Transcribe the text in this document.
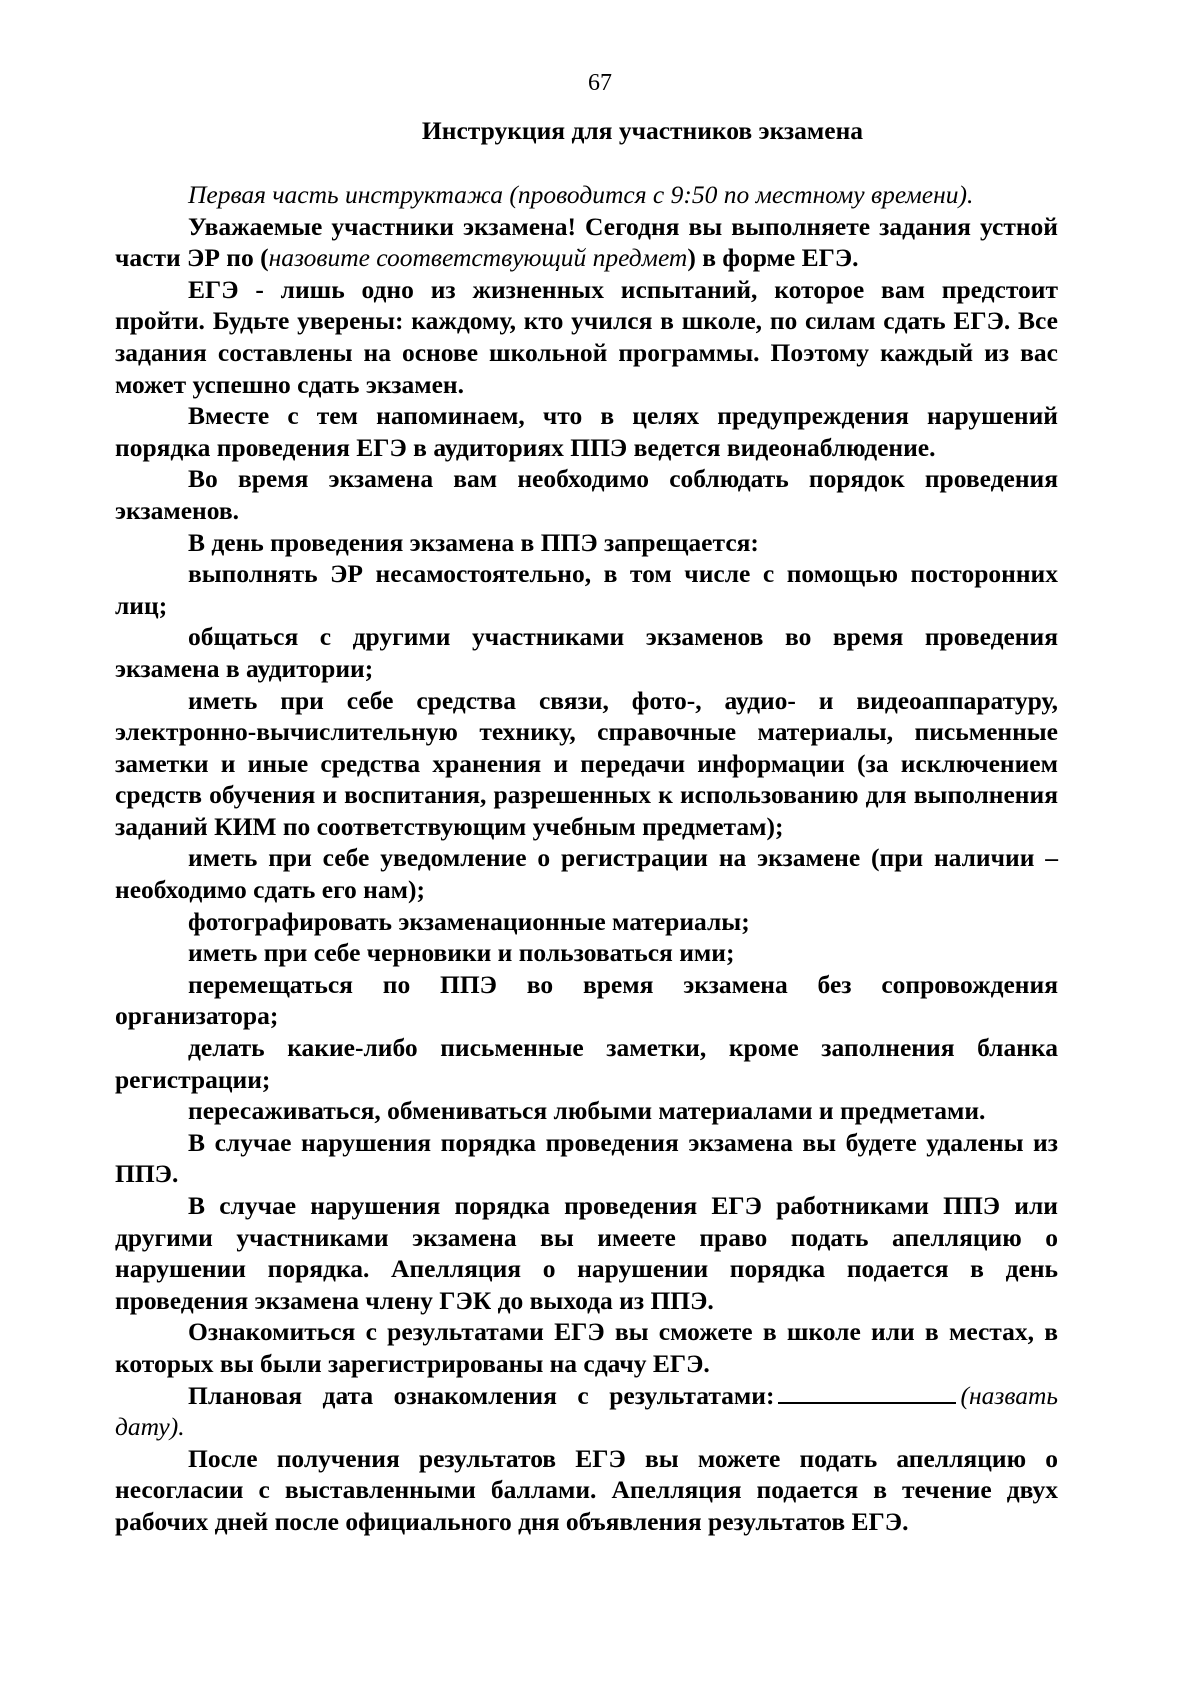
67
Инструкция для участников экзамена

Первая часть инструктажа (проводится с 9:50 по местному времени).

Уважаемые участники экзамена! Сегодня вы выполняете задания устной части ЭР по (назовите соответствующий предмет) в форме ЕГЭ.

ЕГЭ - лишь одно из жизненных испытаний, которое вам предстоит пройти. Будьте уверены: каждому, кто учился в школе, по силам сдать ЕГЭ. Все задания составлены на основе школьной программы. Поэтому каждый из вас может успешно сдать экзамен.

Вместе с тем напоминаем, что в целях предупреждения нарушений порядка проведения ЕГЭ в аудиториях ППЭ ведется видеонаблюдение.

Во время экзамена вам необходимо соблюдать порядок проведения экзаменов.

В день проведения экзамена в ППЭ запрещается:

выполнять ЭР несамостоятельно, в том числе с помощью посторонних лиц;

общаться с другими участниками экзаменов во время проведения экзамена в аудитории;

иметь при себе средства связи, фото-, аудио- и видеоаппаратуру, электронно-вычислительную технику, справочные материалы, письменные заметки и иные средства хранения и передачи информации (за исключением средств обучения и воспитания, разрешенных к использованию для выполнения заданий КИМ по соответствующим учебным предметам);

иметь при себе уведомление о регистрации на экзамене (при наличии – необходимо сдать его нам);

фотографировать экзаменационные материалы;

иметь при себе черновики и пользоваться ими;

перемещаться по ППЭ во время экзамена без сопровождения организатора;

делать какие-либо письменные заметки, кроме заполнения бланка регистрации;

пересаживаться, обмениваться любыми материалами и предметами.

В случае нарушения порядка проведения экзамена вы будете удалены из ППЭ.

В случае нарушения порядка проведения ЕГЭ работниками ППЭ или другими участниками экзамена вы имеете право подать апелляцию о нарушении порядка. Апелляция о нарушении порядка подается в день проведения экзамена члену ГЭК до выхода из ППЭ.

Ознакомиться с результатами ЕГЭ вы сможете в школе или в местах, в которых вы были зарегистрированы на сдачу ЕГЭ.

Плановая дата ознакомления с результатами:	(назвать дату).

После получения результатов ЕГЭ вы можете подать апелляцию о несогласии с выставленными баллами. Апелляция подается в течение двух рабочих дней после официального дня объявления результатов ЕГЭ.
